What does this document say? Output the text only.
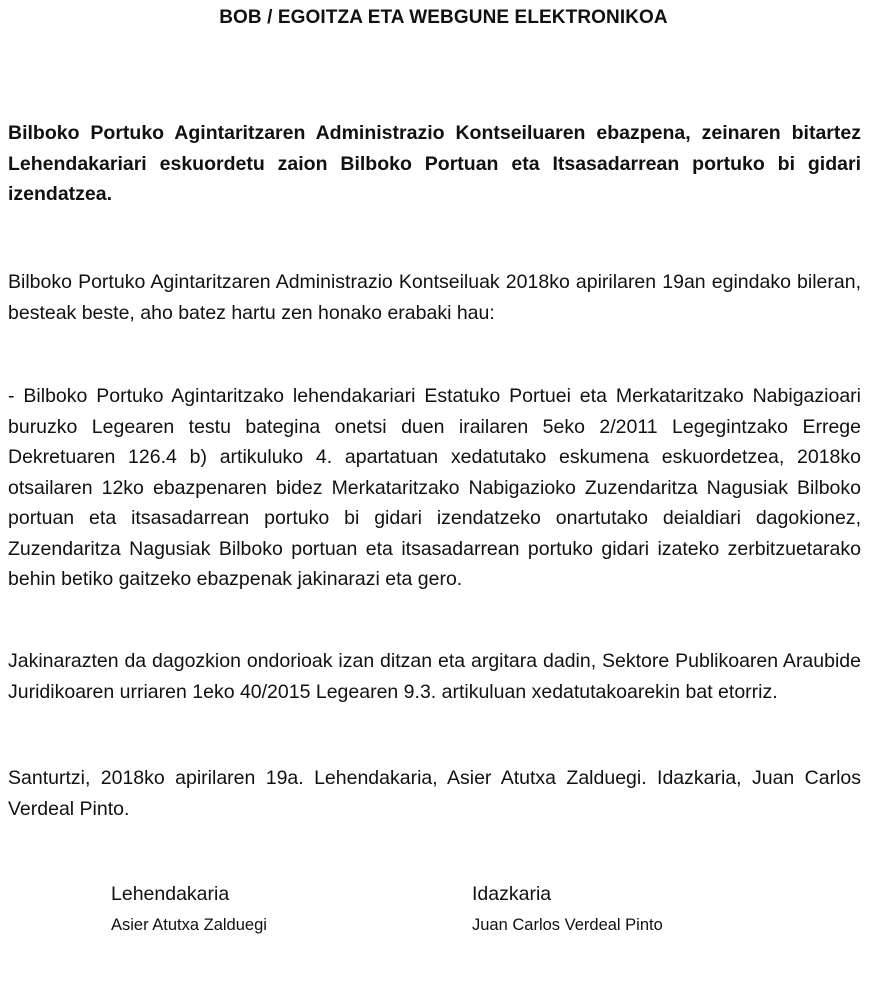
BOB / EGOITZA ETA WEBGUNE ELEKTRONIKOA

Bilboko Portuko Agintaritzaren Administrazio Kontseiluaren ebazpena, zeinaren bitartez Lehendakariari eskuordetu zaion Bilboko Portuan eta Itsasadarrean portuko bi gidari izendatzea.

Bilboko Portuko Agintaritzaren Administrazio Kontseiluak 2018ko apirilaren 19an egindako bileran, besteak beste, aho batez hartu zen honako erabaki hau:

- Bilboko Portuko Agintaritzako lehendakariari Estatuko Portuei eta Merkataritzako Nabigazioari buruzko Legearen testu bategina onetsi duen irailaren 5eko 2/2011 Legegintzako Errege Dekretuaren 126.4 b) artikuluko 4. apartatuan xedatutako eskumena eskuordetzea, 2018ko otsailaren 12ko ebazpenaren bidez Merkataritzako Nabigazioko Zuzendaritza Nagusiak Bilboko portuan eta itsasadarrean portuko bi gidari izendatzeko onartutako deialdiari dagokionez, Zuzendaritza Nagusiak Bilboko portuan eta itsasadarrean portuko gidari izateko zerbitzuetarako behin betiko gaitzeko ebazpenak jakinarazi eta gero.

Jakinarazten da dagozkion ondorioak izan ditzan eta argitara dadin, Sektore Publikoaren Araubide Juridikoaren urriaren 1eko 40/2015 Legearen 9.3. artikuluan xedatutakoarekin bat etorriz.

Santurtzi, 2018ko apirilaren 19a. Lehendakaria, Asier Atutxa Zalduegi. Idazkaria, Juan Carlos Verdeal Pinto.

Lehendakaria
Asier Atutxa Zalduegi
Idazkaria
Juan Carlos Verdeal Pinto
